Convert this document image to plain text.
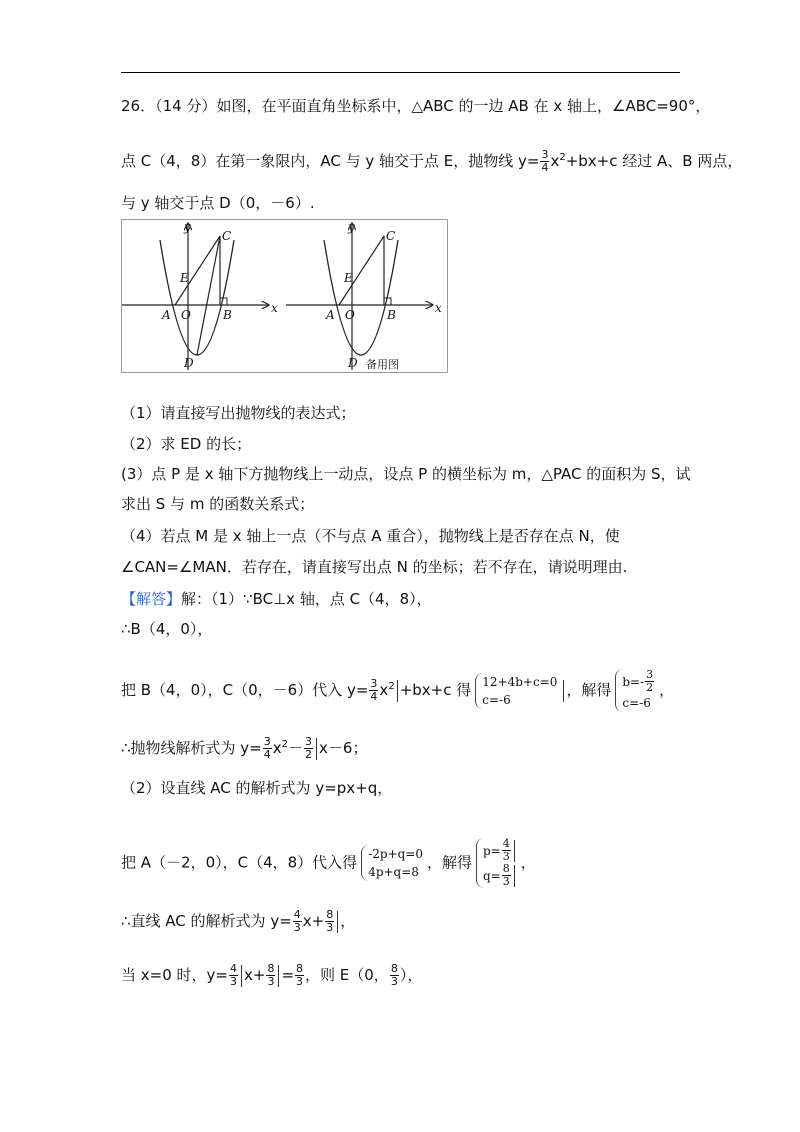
26．（14 分）如图，在平面直角坐标系中，△ABC 的一边 AB 在 x 轴上，∠ABC=90°，
点 C（4，8）在第一象限内，AC 与 y 轴交于点 E，抛物线 $y= \frac{3}{4} x^2+bx+c$ 经过 A、B 两点，
与 y 轴交于点 D（0，－6）.
y
x
C
E
A O	B
D
y
x
C
E
A O	B
D 备用图
（1）请直接写出抛物线的表达式；
（2）求 ED 的长；
(3）点 P 是 x 轴下方抛物线上一动点，设点 P 的横坐标为 m，△PAC 的面积为 S，试
求出 S 与 m 的函数关系式；
（4）若点 M 是 x 轴上一点（不与点 A 重合），抛物线上是否存在点 N，使
∠CAN=∠MAN．若存在，请直接写出点 N 的坐标；若不存在，请说明理由.
【解答】解：（1）∵BC⊥x 轴，点 C（4，8），
∴B（4，0），
把 B（4，0），C（0，－6）代入 $y= \frac{3}{4} x^2 +bx+c$ 得 12+4b+c=0
c=-6
，解得 $b=- \frac{3}{2}$
c=-6
，
∴抛物线解析式为 $y= \frac{3}{4} x^2- \frac{3}{2} x-6$；
（2）设直线 AC 的解析式为 y=px+q，
把 A（－2，0），C（4，8）代入得 -2p+q=0
4p+q=8
，解得
$p= \frac{4}{3}$
$q= \frac{8}{3}$
，
∴直线 AC 的解析式为 $y= \frac{4}{3} x+ \frac{8}{3}$ ，
当 x=0 时，$y= \frac{4}{3} x+ \frac{8}{3} = \frac{8}{3}$ ，则 E（0， $\frac{8}{3}$ ），
